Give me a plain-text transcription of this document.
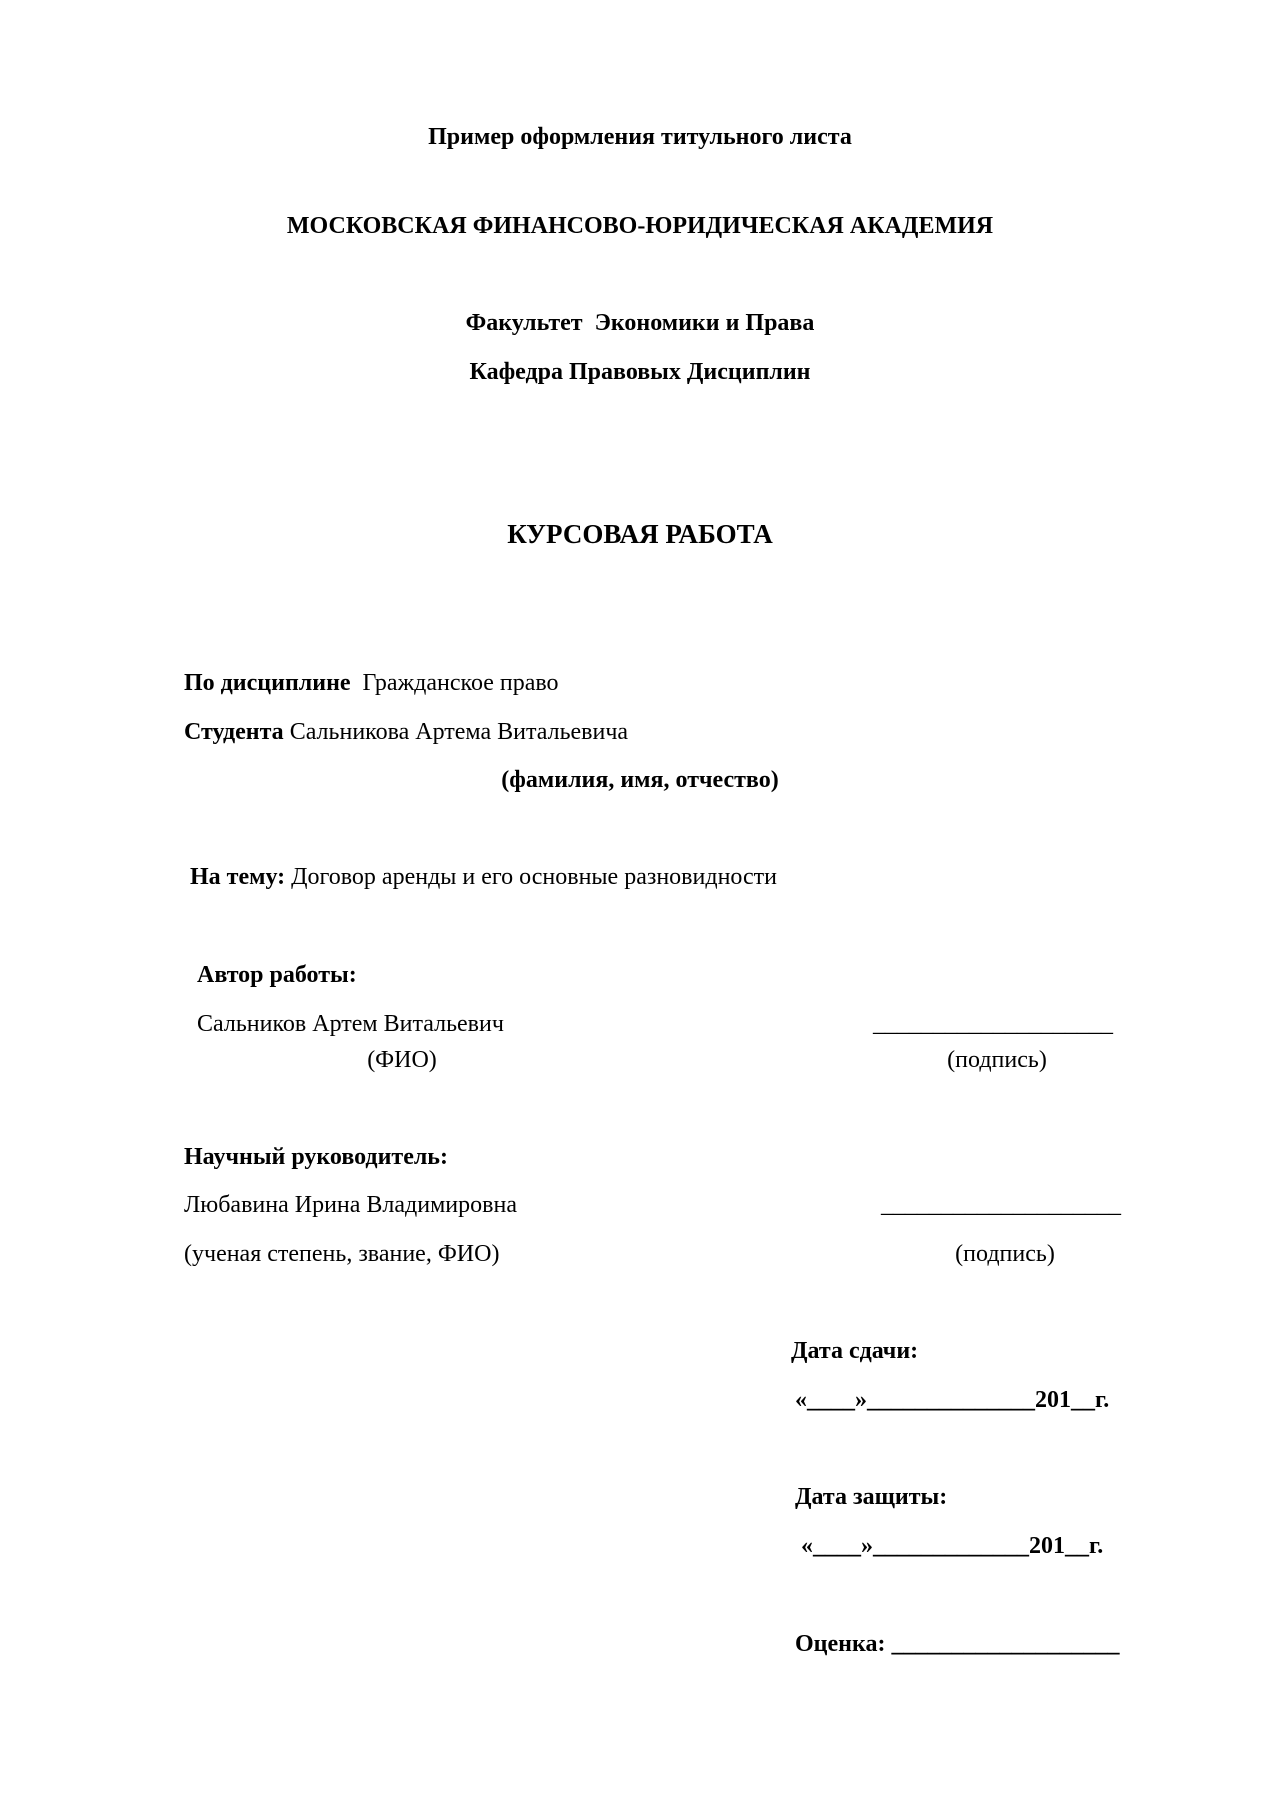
Пример оформления титульного листа
МОСКОВСКАЯ ФИНАНСОВО-ЮРИДИЧЕСКАЯ АКАДЕМИЯ
Факультет  Экономики и Права
Кафедра Правовых Дисциплин
КУРСОВАЯ РАБОТА
По дисциплине Гражданское право
Студента Сальникова Артема Витальевича
(фамилия, имя, отчество)
На тему: Договор аренды и его основные разновидности
Автор работы:
Сальников Артем Витальевич	____________________
(ФИО)	(подпись)
Научный руководитель:
Любавина Ирина Владимировна	____________________
(ученая степень, звание, ФИО)	(подпись)
Дата сдачи:
«____»______________201__г.
Дата защиты:
«____»_____________201__г.
Оценка: ___________________
